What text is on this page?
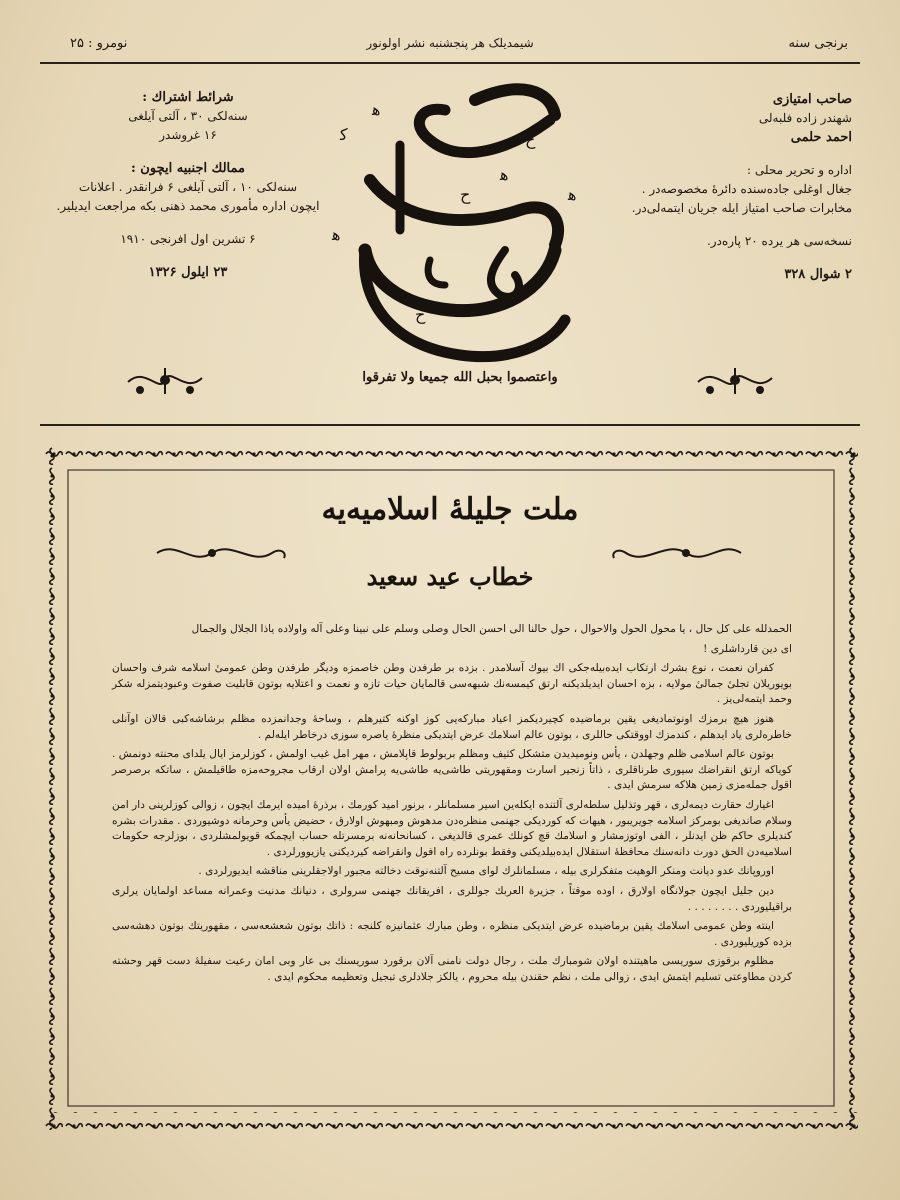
نومرو : ۲۵	شیمدیلک هر پنجشنبه نشر اولونور	برنجی سنه

شرائط اشتراك :

سنه‌لکی ۳۰ ، آلتی آیلغی

۱۶ غروشدر

ممالك اجنبیه ایچون :

سنه‌لکی ۱۰ ، آلتی آیلغی ۶ فرانقدر . اعلانات

ایچون اداره مأموری محمد ذهنی بکه مراجعت ایدیلیر.

۶ تشرین اول افرنجی ۱۹۱۰

۲۳ ایلول ۱۳۲۶

صاحب امتیازی

شهندر زاده فلبه‌لی

احمد حلمی

اداره و تحریر محلی :

جغال اوغلی جاده‌سنده دائرهٔ مخصوصه‌در .

مخابرات صاحب امتیاز ایله جریان ایتمه‌لی‌در.

نسخه‌سی هر یرده ۲۰ پاره‌در.

۲ شوال ۳۲۸

ﮐ
ﻫ
ﻫ
ﻫ
ﻫ
ﺡ
ﺡ
ﺡ
واعتصموا بحبل الله جمیعا ولا تفرقوا
ملت جلیلهٔ اسلامیه‌یه
خطاب عید سعید

الحمدلله علی کل حال ، یا محول الحول والاحوال ، حول حالنا الی احسن الحال وصلی وسلم علی نبینا وعلی آله واولاده یاذا الجلال والجمال

ای دین قارداشلری !

کفران نعمت ، نوع بشرك ارتکاب ایده‌بیله‌جکی اك بیوك آسلامدر . بزده بر طرفدن وطن خاصمزه ودیگر طرفدن وطن عمومیٔ اسلامه شرف واحسان بویوریلان تجلیٔ جمالیٔ مولایه ، بزه احسان ایدیلدیکنه ارتق کیمسه‌نك شبهه‌سی قالمایان حیات تازه و نعمت و اعتلایه بوتون قابلیت صفوت وعبودیتمزله شکر وحمد ایتمه‌لی‌یز .

هنوز هیچ برمزك اونوتمادیغی یقین برماضیده کچیردیکمز اعیاد مبارکه‌یی کوز اوکنه کتیرهلم ، وساحهٔ وجدانمزده مظلم برشاشه‌کبی قالان اوآنلی خاطره‌لری یاد ایدهلم ، کندمزك اووقتکی حاللری ، بوتون عالم اسلامك عرض ایتدیکی منظرهٔ یاصره سوزی درخاطر ایله‌لم .

بوتون عالم اسلامی ظلم وجهلدن ، یأس ونومیدیدن متشکل کثیف ومظلم بربولوط قاپلامش ، مهر امل غیب اولمش ، کوزلرمز ایال یلدای محنته دونمش . کویاکه ارتق انقراضك سیوری طرناقلری ، ذاتاً زنجیر اسارت ومقهوریتی طاشی‌یه طاشی‌یه پرامش اولان ارقاب مجروحه‌مزه طاقیلمش ، ساتکه برصرصر اقول جمله‌مزی زمین هلاکه سرمش ایدی .

اغیارك حقارت دیمه‌لری ، قهر وتذلیل سلطه‌لری آلتنده ایکله‌ین اسیر مسلمانلر ، برنور امید کورمك ، برذرهٔ امیده ایرمك ایچون ، زوالی کوزلرینی دار امن وسلام صاندیغی بومرکز اسلامه جویریبور ، هیهات که کوردیکی جهنمی منظره‌دن مدهوش ومبهوش اولارق ، حضیض یأس وحرمانه دوشیوردی . مقدرات بشره کندیلری حاکم ظن ایدنلر ، الفی اوتوزمشار و اسلامك قچ کونلك عمری قالدیغی ، کسانحانه‌نه برمسرتله حساب ایچمکه قویولمشلردی ، بوزلرجه حکومات اسلامیه‌دن الحق دورت دانه‌سنك محافظهٔ استقلال ایده‌بیلدیکنی وفقط بونلرده راه افول وانقراضه کیردیکنی یازیوورلردی .

اوروپانك عدو دیانت ومنکر الوهیت متفکرلری بیله ، مسلمانلرك لوای مسیح آلتنه‌نوقت دخالته مجبور اولاجقلرینی مناقشه ایدیورلردی .

دین جلیل ایچون جولانگاه اولارق ، اوده موقتاً ، جزیرة العربك جوللری ، افریقانك جهنمی سرولری ، دنیانك مدنیت وعمرانه مساعد اولمایان یرلری براقیلیوردی . . . . . . . .

اینته وطن عمومی اسلامك یقین برماضیده عرض ایتدیکی منظره ، وطن مبارك عثمانیزه کلنجه : ذاتك بوتون شعشعه‌سی ، مقهوریتك بوتون دهشه‌سی بزده کوریلیوردی .

مظلوم برقوزی سوریسی ماهیتنده اولان شومبارك ملت ، رجال دولت نامنی آلان برقورد سوریسنك بی عار وبی امان رعیت سفیلهٔ دست قهر وحشته کردن مطاوعتی تسلیم ایتمش ایدی ، زوالی ملت ، نظم حقندن بیله محروم ، یالکز جلادلری تبجیل وتعظیمه محکوم ایدی .
